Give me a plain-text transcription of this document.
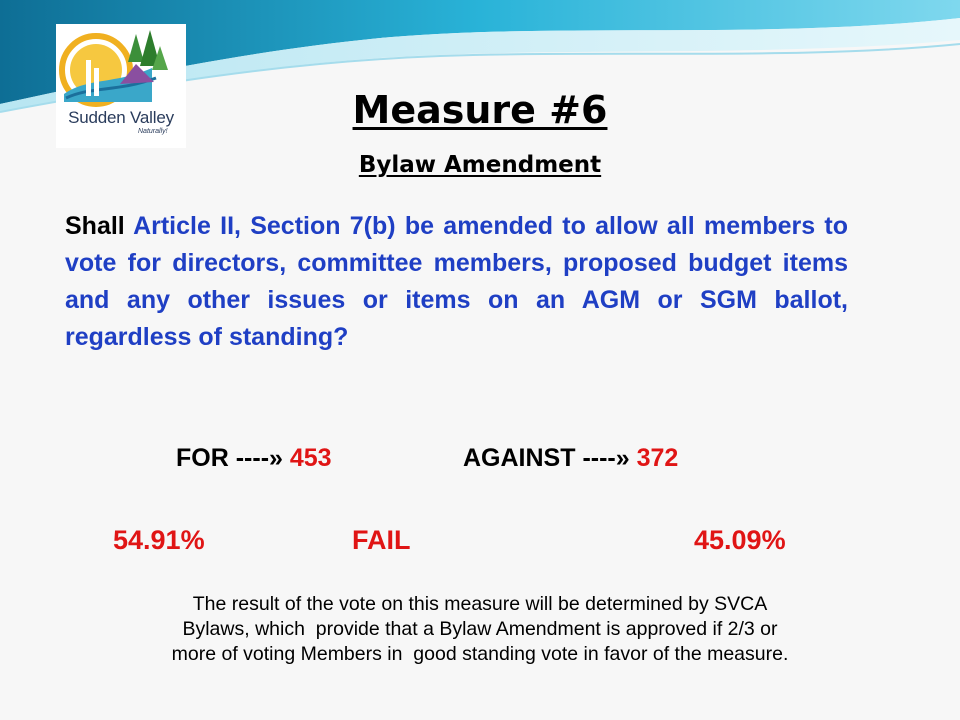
Sudden Valley
Naturally!	Measure #6
Bylaw Amendment
Shall Article II, Section 7(b) be amended to allow all members to vote for directors, committee members, proposed budget items and any other issues or items on an AGM or SGM ballot, regardless of standing?
FOR ----» 453	AGAINST ----» 372
54.91%	FAIL	45.09%
The result of the vote on this measure will be determined by SVCA
Bylaws, which  provide that a Bylaw Amendment is approved if 2/3 or
more of voting Members in  good standing vote in favor of the measure.
